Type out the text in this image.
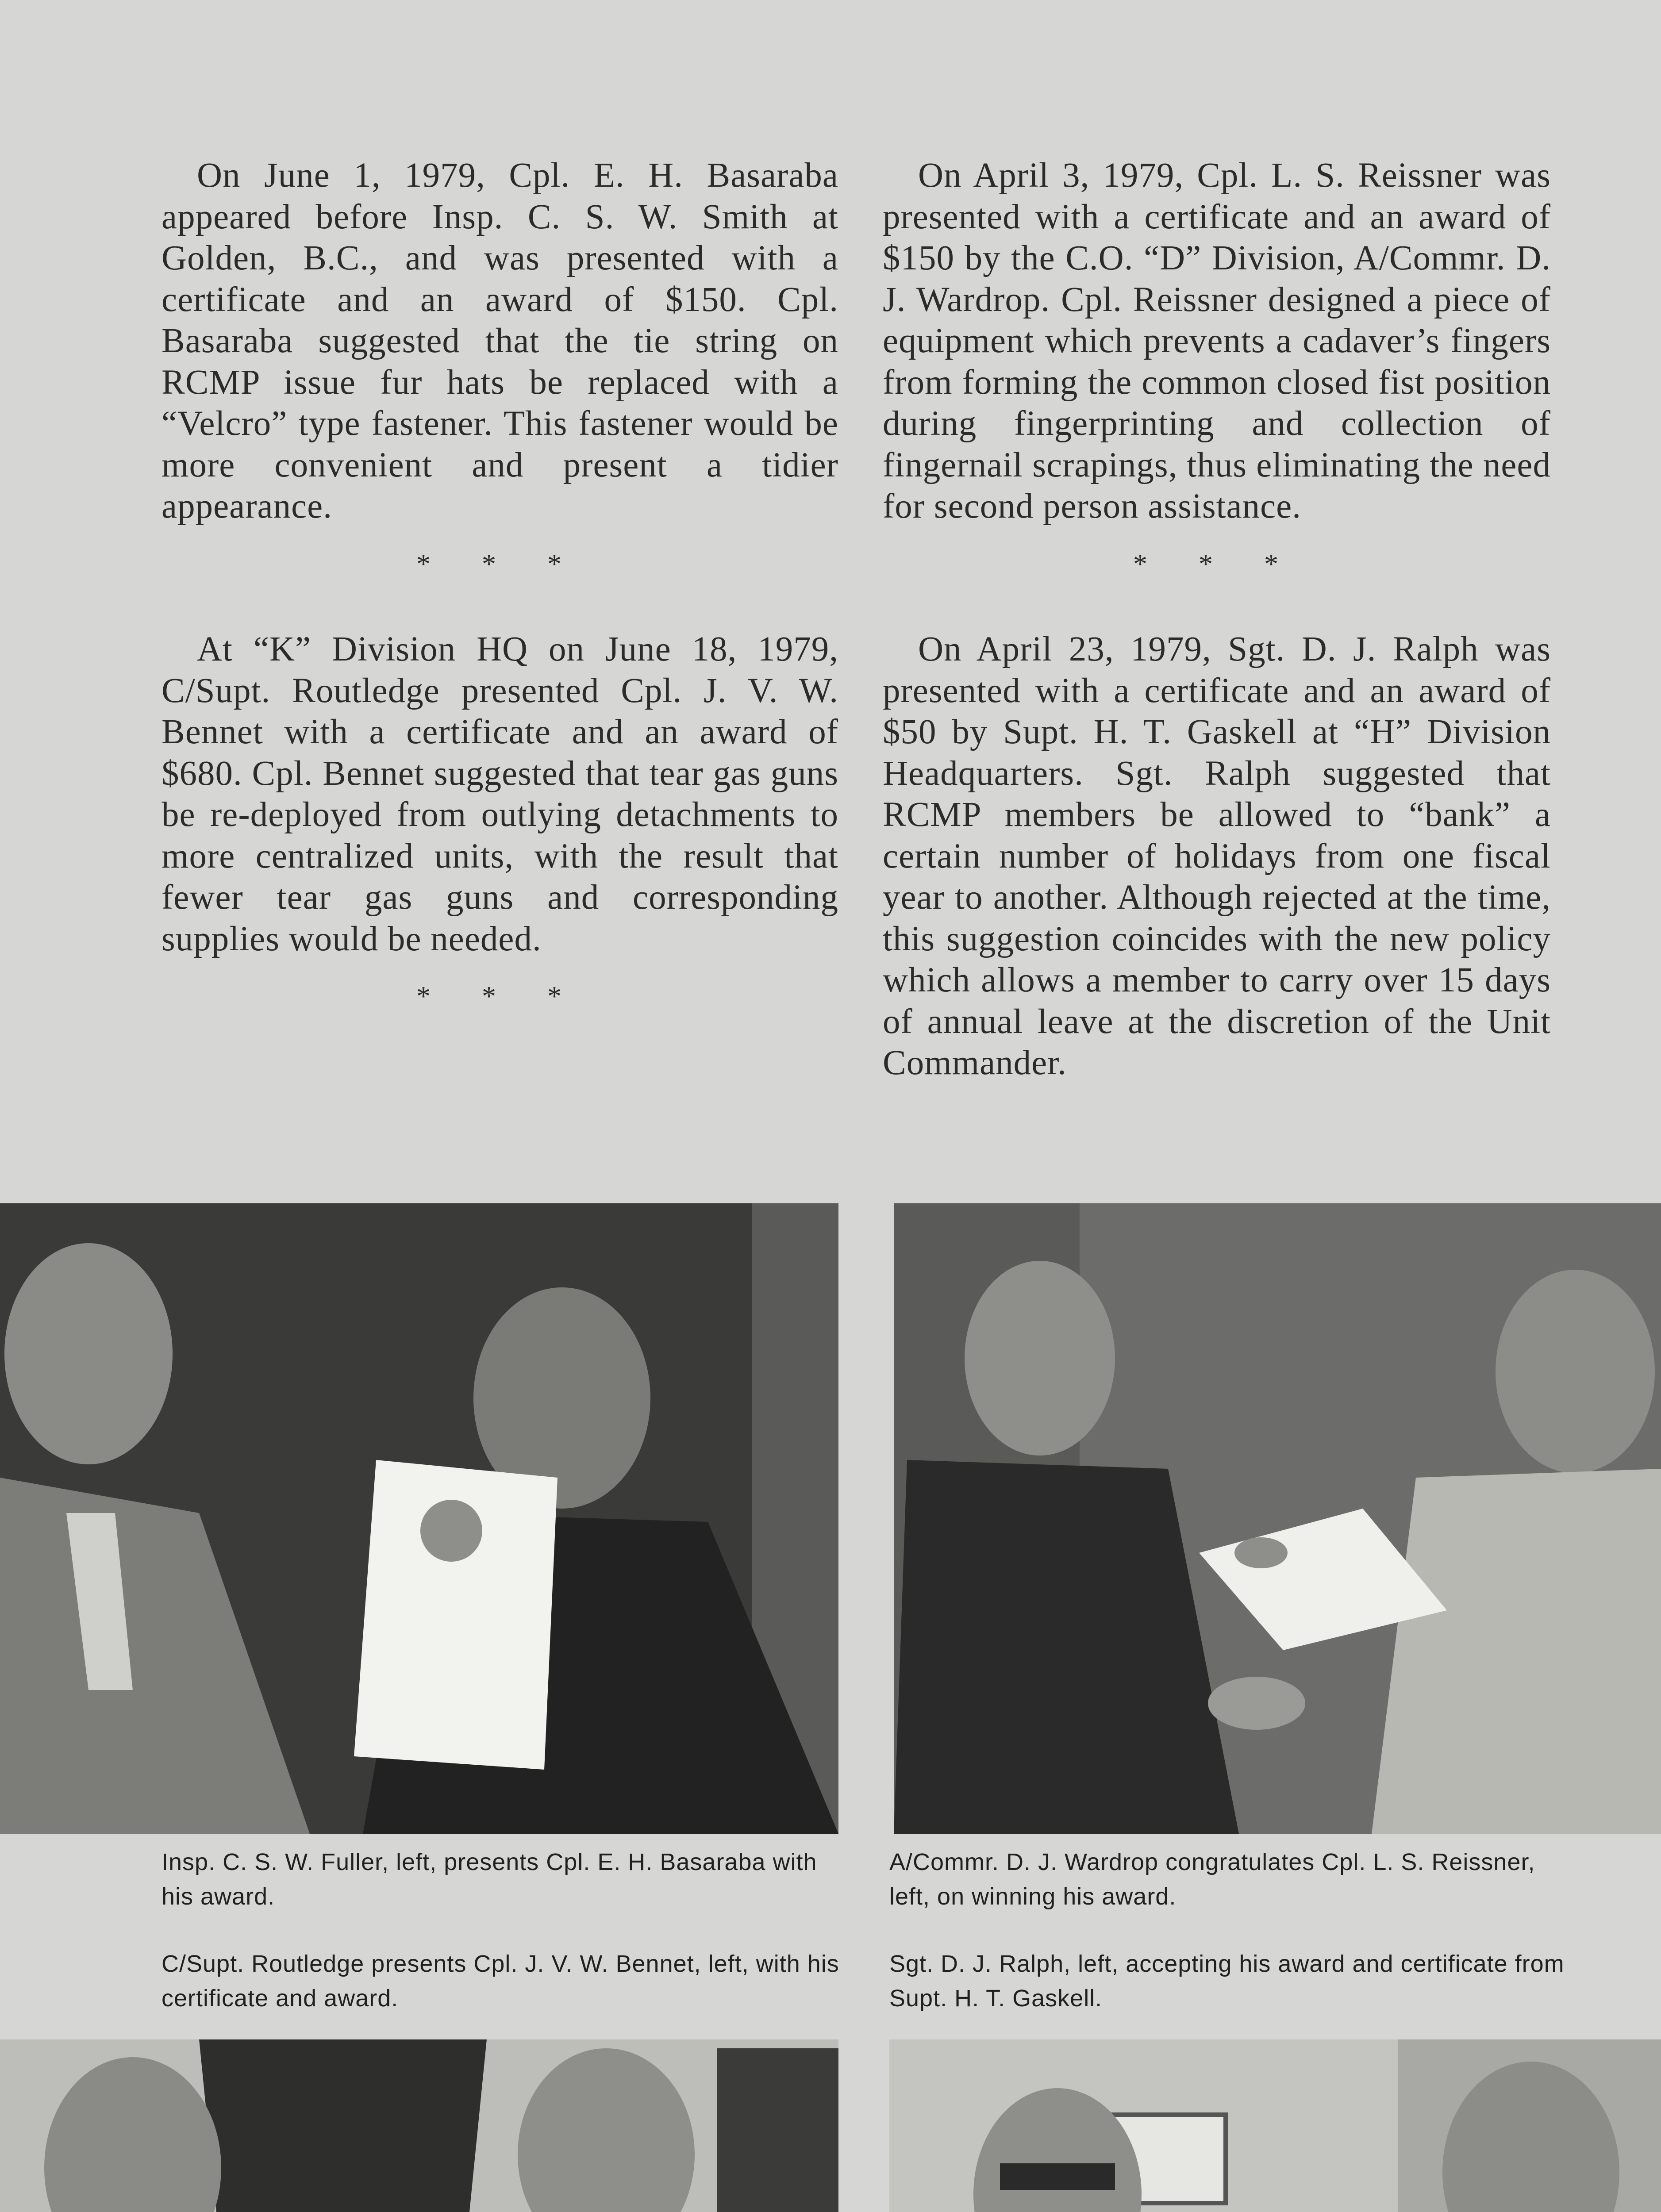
On June 1, 1979, Cpl. E. H. Basaraba appeared before Insp. C. S. W. Smith at Golden, B.C., and was presented with a certificate and an award of $150. Cpl. Basaraba suggested that the tie string on RCMP issue fur hats be replaced with a “Velcro” type fastener. This fastener would be more convenient and present a tidier appearance.

* * *

At “K” Division HQ on June 18, 1979, C/Supt. Routledge presented Cpl. J. V. W. Bennet with a certificate and an award of $680. Cpl. Bennet suggested that tear gas guns be re-deployed from outlying detachments to more centralized units, with the result that fewer tear gas guns and corresponding supplies would be needed.

* * *

On April 3, 1979, Cpl. L. S. Reissner was presented with a certificate and an award of $150 by the C.O. “D” Division, A/Commr. D. J. Wardrop. Cpl. Reissner designed a piece of equipment which prevents a cadaver’s fingers from forming the common closed fist position during fingerprinting and collection of fingernail scrapings, thus eliminating the need for second person assistance.

* * *

On April 23, 1979, Sgt. D. J. Ralph was presented with a certificate and an award of $50 by Supt. H. T. Gaskell at “H” Division Headquarters. Sgt. Ralph suggested that RCMP members be allowed to “bank” a certain number of holidays from one fiscal year to another. Although rejected at the time, this suggestion coincides with the new policy which allows a member to carry over 15 days of annual leave at the discretion of the Unit Commander.

Insp. C. S. W. Fuller, left, presents Cpl. E. H. Basaraba with his award.
A/Commr. D. J. Wardrop congratulates Cpl. L. S. Reissner, left, on winning his award.
C/Supt. Routledge presents Cpl. J. V. W. Bennet, left, with his certificate and award.
Sgt. D. J. Ralph, left, accepting his award and certificate from Supt. H. T. Gaskell.
